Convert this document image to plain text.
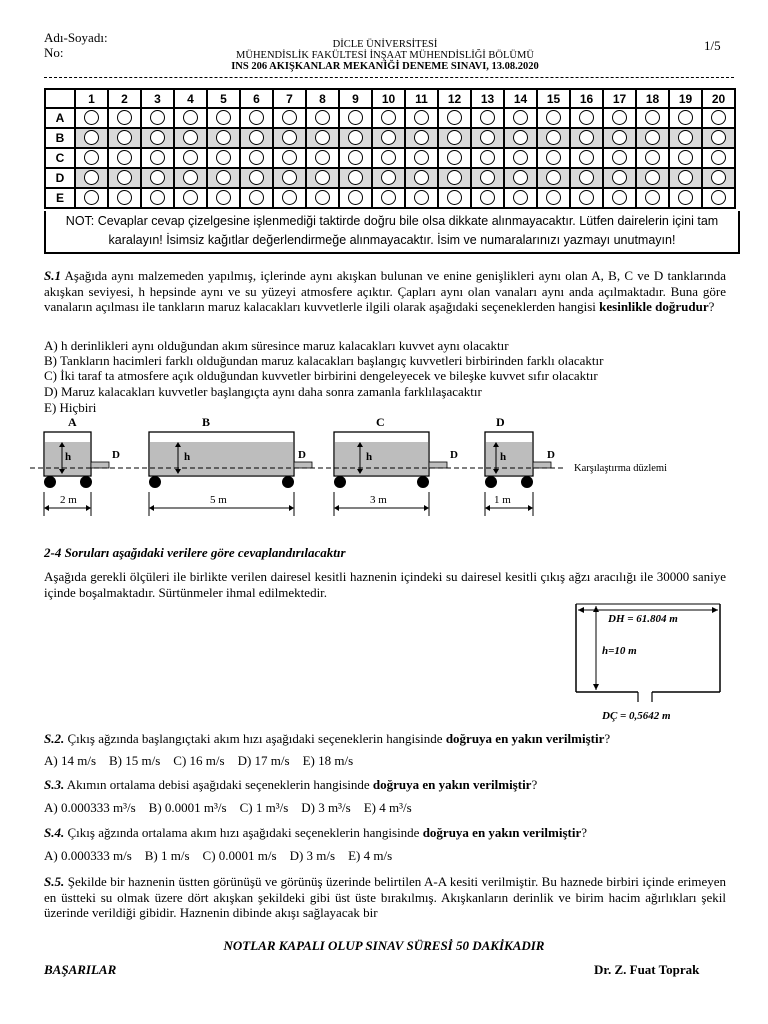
Adı-Soyadı:
No:
DİCLE ÜNİVERSİTESİ
MÜHENDİSLİK FAKÜLTESİ İNŞAAT MÜHENDİSLİĞİ BÖLÜMÜ
INS 206 AKIŞKANLAR MEKANİĞİ DENEME SINAVI, 13.08.2020
1/5
	1	2	3	4	5	6	7	8	9	10	11	12	13	14	15	16	17	18	19	20
A																				
B																				
C																				
D																				
E																				
NOT: Cevaplar cevap çizelgesine işlenmediği taktirde doğru bile olsa dikkate alınmayacaktır. Lütfen dairelerin içini tam karalayın! İsimsiz kağıtlar değerlendirmeğe alınmayacaktır. İsim ve numaralarınızı yazmayı unutmayın!
S.1 Aşağıda aynı malzemeden yapılmış, içlerinde aynı akışkan bulunan ve enine genişlikleri aynı olan A, B, C ve D tanklarında akışkan seviyesi, h hepsinde aynı ve su yüzeyi atmosfere açıktır. Çapları aynı olan vanaları aynı anda açılmaktadır. Buna göre vanaların açılması ile tankların maruz kalacakları kuvvetlerle ilgili olarak aşağıdaki seçeneklerden hangisi kesinlikle doğrudur?
A) h derinlikleri aynı olduğundan akım süresince maruz kalacakları kuvvet aynı olacaktır
B) Tankların hacimleri farklı olduğundan maruz kalacakları başlangıç kuvvetleri birbirinden farklı olacaktır
C) İki taraf ta atmosfere açık olduğundan kuvvetler birbirini dengeleyecek ve bileşke kuvvet sıfır olacaktır
D) Maruz kalacakları kuvvetler başlangıçta aynı daha sonra zamanla farklılaşacaktır
E) Hiçbiri
A	B	C	D
h	D
2 m
h	D
5 m
h	D
3 m
h	D
1 m
Karşılaştırma düzlemi
2-4 Soruları aşağıdaki verilere göre cevaplandırılacaktır
Aşağıda gerekli ölçüleri ile birlikte verilen dairesel kesitli haznenin içindeki su dairesel kesitli çıkış ağzı aracılığı ile 30000 saniye içinde boşalmaktadır. Sürtünmeler ihmal edilmektedir.
DH = 61.804 m
h=10 m
DÇ = 0,5642 m
S.2. Çıkış ağzında başlangıçtaki akım hızı aşağıdaki seçeneklerin hangisinde doğruya en yakın verilmiştir?
A) 14 m/s B) 15 m/s C) 16 m/s D) 17 m/s E) 18 m/s
S.3. Akımın ortalama debisi aşağıdaki seçeneklerin hangisinde doğruya en yakın verilmiştir?
A) 0.000333 m³/s B) 0.0001 m³/s C) 1 m³/s D) 3 m³/s E) 4 m³/s
S.4. Çıkış ağzında ortalama akım hızı aşağıdaki seçeneklerin hangisinde doğruya en yakın verilmiştir?
A) 0.000333 m/s B) 1 m/s C) 0.0001 m/s D) 3 m/s E) 4 m/s
S.5. Şekilde bir haznenin üstten görünüşü ve görünüş üzerinde belirtilen A-A kesiti verilmiştir. Bu haznede birbiri içinde erimeyen en üstteki su olmak üzere dört akışkan şekildeki gibi üst üste bırakılmış. Akışkanların derinlik ve birim hacim ağırlıkları şekil üzerinde verildiği gibidir. Haznenin dibinde akışı sağlayacak bir
NOTLAR KAPALI OLUP SINAV SÜRESİ 50 DAKİKADIR
BAŞARILAR	Dr. Z. Fuat Toprak
